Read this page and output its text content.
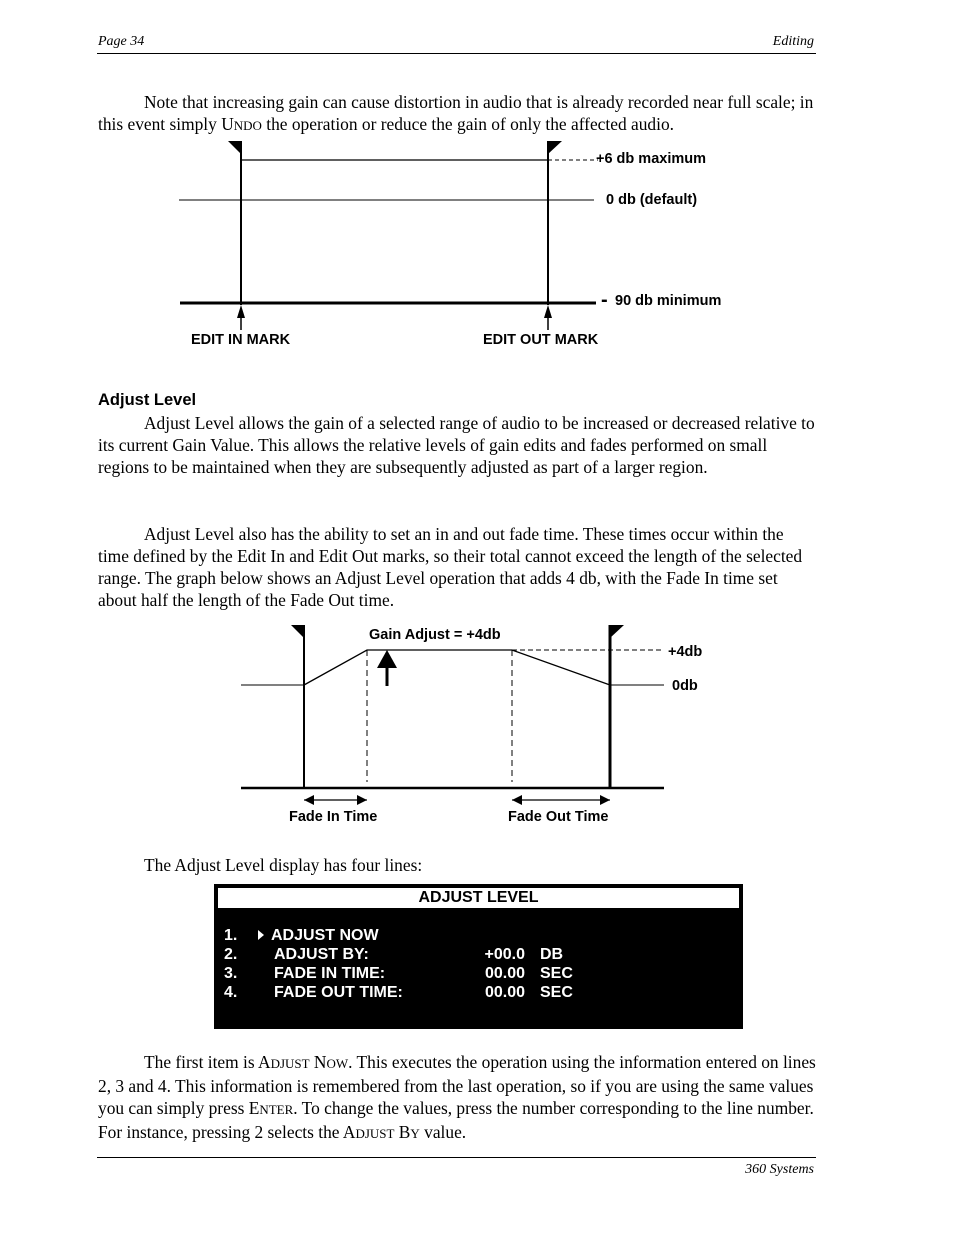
Page 34	Editing

Note that increasing gain can cause distortion in audio that is already recorded near full scale; in this event simply UNDO the operation or reduce the gain of only the affected audio.

+6 db maximum
0 db (default)
- 90 db minimum
EDIT IN MARK	EDIT OUT MARK
Adjust Level

Adjust Level allows the gain of a selected range of audio to be increased or decreased relative to its current Gain Value. This allows the relative levels of gain edits and fades performed on small regions to be maintained when they are subsequently adjusted as part of a larger region.

Adjust Level also has the ability to set an in and out fade time. These times occur within the time defined by the Edit In and Edit Out marks, so their total cannot exceed the length of the selected range. The graph below shows an Adjust Level operation that adds 4 db, with the Fade In time set about half the length of the Fade Out time.

Gain Adjust = +4db
+4db
0db
Fade In Time	Fade Out Time

The Adjust Level display has four lines:

ADJUST LEVEL
1. ADJUST NOW
2. ADJUST BY:	+00.0 DB
3. FADE IN TIME:	00.00 SEC
4. FADE OUT TIME:	00.00 SEC

The first item is ADJUST NOW. This executes the operation using the information entered on lines 2, 3 and 4. This information is remembered from the last operation, so if you are using the same values you can simply press ENTER. To change the values, press the number corresponding to the line number. For instance, pressing 2 selects the ADJUST BY value.

360 Systems
